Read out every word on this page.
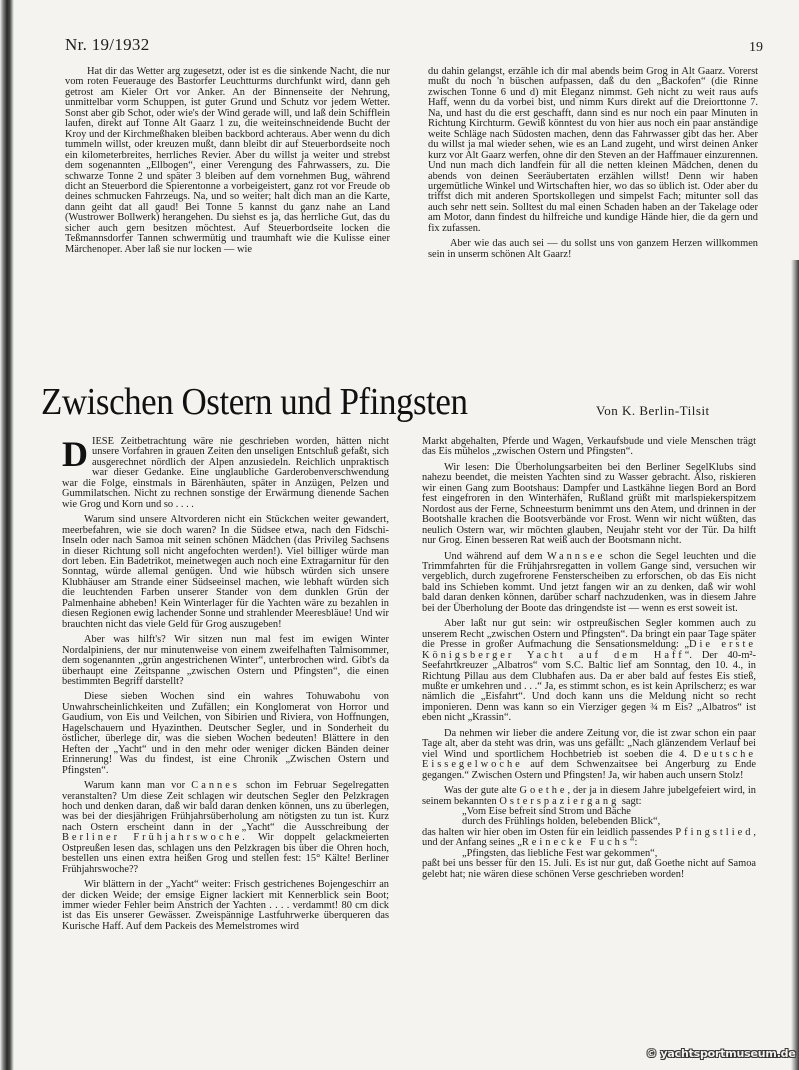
Nr. 19/1932	19

Hat dir das Wetter arg zugesetzt, oder ist es die sinkende Nacht, die nur vom roten Feuerauge des Bastorfer Leuchtturms durchfunkt wird, dann geh getrost am Kieler Ort vor Anker. An der Binnenseite der Nehrung, unmittelbar vorm Schuppen, ist guter Grund und Schutz vor jedem Wetter. Sonst aber gib Schot, oder wie's der Wind gerade will, und laß dein Schifflein laufen, direkt auf Tonne Alt Gaarz 1 zu, die weiteinschneidende Bucht der Kroy und der Kirchmeßhaken bleiben backbord achteraus. Aber wenn du dich tummeln willst, oder kreuzen mußt, dann bleibt dir auf Steuerbordseite noch ein kilometerbreites, herrliches Revier. Aber du willst ja weiter und strebst dem sogenannten „Ellbogen“, einer Verengung des Fahrwassers, zu. Die schwarze Tonne 2 und später 3 bleiben auf dem vornehmen Bug, während dicht an Steuerbord die Spierentonne a vorbeigeistert, ganz rot vor Freude ob deines schmucken Fahrzeugs. Na, und so weiter; halt dich man an die Karte, dann geiht dat all gaud! Bei Tonne 5 kannst du ganz nahe an Land (Wustrower Bollwerk) herangehen. Du siehst es ja, das herrliche Gut, das du sicher auch gern besitzen möchtest. Auf Steuerbordseite locken die Teßmannsdorfer Tannen schwermütig und traumhaft wie die Kulisse einer Märchenoper. Aber laß sie nur locken — wie

du dahin gelangst, erzähle ich dir mal abends beim Grog in Alt Gaarz. Vorerst mußt du noch 'n büschen aufpassen, daß du den „Backofen“ (die Rinne zwischen Tonne 6 und d) mit Eleganz nimmst. Geh nicht zu weit raus aufs Haff, wenn du da vorbei bist, und nimm Kurs direkt auf die Dreiorttonne 7. Na, und hast du die erst geschafft, dann sind es nur noch ein paar Minuten in Richtung Kirchturm. Gewiß könntest du von hier aus noch ein paar anständige weite Schläge nach Südosten machen, denn das Fahrwasser gibt das her. Aber du willst ja mal wieder sehen, wie es an Land zugeht, und wirst deinen Anker kurz vor Alt Gaarz werfen, ohne dir den Steven an der Haffmauer einzurennen. Und nun mach dich landfein für all die netten kleinen Mädchen, denen du abends von deinen Seeräubertaten erzählen willst! Denn wir haben urgemütliche Winkel und Wirtschaften hier, wo das so üblich ist. Oder aber du triffst dich mit anderen Sportskollegen und simpelst Fach; mitunter soll das auch sehr nett sein. Solltest du mal einen Schaden haben an der Takelage oder am Motor, dann findest du hilfreiche und kundige Hände hier, die da gern und fix zufassen.

Aber wie das auch sei — du sollst uns von ganzem Herzen willkommen sein in unserm schönen Alt Gaarz!

Zwischen Ostern und Pfingsten	Von K. Berlin-Tilsit

DIESE Zeitbetrachtung wäre nie geschrieben worden, hätten nicht unsere Vorfahren in grauen Zeiten den unseligen Entschluß gefaßt, sich ausgerechnet nördlich der Alpen anzusiedeln. Reichlich unpraktisch war dieser Gedanke. Eine unglaubliche Garderobenverschwendung war die Folge, einstmals in Bärenhäuten, später in Anzügen, Pelzen und Gummilatschen. Nicht zu rechnen sonstige der Erwärmung dienende Sachen wie Grog und Korn und so . . . .

Warum sind unsere Altvorderen nicht ein Stückchen weiter gewandert, meerbefahren, wie sie doch waren? In die Südsee etwa, nach den Fidschi-Inseln oder nach Samoa mit seinen schönen Mädchen (das Privileg Sachsens in dieser Richtung soll nicht angefochten werden!). Viel billiger würde man dort leben. Ein Badetrikot, meinetwegen auch noch eine Extragarnitur für den Sonntag, würde allemal genügen. Und wie hübsch würden sich unsere Klubhäuser am Strande einer Südseeinsel machen, wie lebhaft würden sich die leuchtenden Farben unserer Stander von dem dunklen Grün der Palmenhaine abheben! Kein Winterlager für die Yachten wäre zu bezahlen in diesen Regionen ewig lachender Sonne und strahlender Meeresbläue! Und wir brauchten nicht das viele Geld für Grog auszugeben!

Aber was hilft's? Wir sitzen nun mal fest im ewigen Winter Nordalpiniens, der nur minutenweise von einem zweifelhaften Talmisommer, dem sogenannten „grün angestrichenen Winter“, unterbrochen wird. Gibt's da überhaupt eine Zeitspanne „zwischen Ostern und Pfingsten“, die einen bestimmten Begriff darstellt?

Diese sieben Wochen sind ein wahres Tohuwabohu von Unwahrscheinlichkeiten und Zufällen; ein Konglomerat von Horror und Gaudium, von Eis und Veilchen, von Sibirien und Riviera, von Hoffnungen, Hagelschauern und Hyazinthen. Deutscher Segler, und in Sonderheit du östlicher, überlege dir, was die sieben Wochen bedeuten! Blättere in den Heften der „Yacht“ und in den mehr oder weniger dicken Bänden deiner Erinnerung! Was du findest, ist eine Chronik „Zwischen Ostern und Pfingsten“.

Warum kann man vor Cannes schon im Februar Segelregatten veranstalten? Um diese Zeit schlagen wir deutschen Segler den Pelzkragen hoch und denken daran, daß wir bald daran denken können, uns zu überlegen, was bei der diesjährigen Frühjahrsüberholung am nötigsten zu tun ist. Kurz nach Ostern erscheint dann in der „Yacht“ die Ausschreibung der Berliner Frühjahrswoche. Wir doppelt gelackmeierten Ostpreußen lesen das, schlagen uns den Pelzkragen bis über die Ohren hoch, bestellen uns einen extra heißen Grog und stellen fest: 15° Kälte! Berliner Frühjahrswoche??

Wir blättern in der „Yacht“ weiter: Frisch gestrichenes Bojengeschirr an der dicken Weide; der emsige Eigner lackiert mit Kennerblick sein Boot; immer wieder Fehler beim Anstrich der Yachten . . . . verdammt! 80 cm dick ist das Eis unserer Gewässer. Zweispännige Lastfuhrwerke überqueren das Kurische Haff. Auf dem Packeis des Memelstromes wird

Markt abgehalten, Pferde und Wagen, Verkaufsbude und viele Menschen trägt das Eis mühelos „zwischen Ostern und Pfingsten“.

Wir lesen: Die Überholungsarbeiten bei den Berliner SegelKlubs sind nahezu beendet, die meisten Yachten sind zu Wasser gebracht. Also, riskieren wir einen Gang zum Bootshaus: Dampfer und Lastkähne liegen Bord an Bord fest eingefroren in den Winterhäfen, Rußland grüßt mit marlspiekerspitzem Nordost aus der Ferne, Schneesturm benimmt uns den Atem, und drinnen in der Bootshalle krachen die Bootsverbände vor Frost. Wenn wir nicht wüßten, das neulich Ostern war, wir möchten glauben, Neujahr steht vor der Tür. Da hilft nur Grog. Einen besseren Rat weiß auch der Bootsmann nicht.

Und während auf dem Wannsee schon die Segel leuchten und die Trimmfahrten für die Frühjahrsregatten in vollem Gange sind, versuchen wir vergeblich, durch zugefrorene Fensterscheiben zu erforschen, ob das Eis nicht bald ins Schieben kommt. Und jetzt fangen wir an zu denken, daß wir wohl bald daran denken können, darüber scharf nachzudenken, was in diesem Jahre bei der Überholung der Boote das dringendste ist — wenn es erst soweit ist.

Aber laßt nur gut sein: wir ostpreußischen Segler kommen auch zu unserem Recht „zwischen Ostern und Pfingsten“. Da bringt ein paar Tage später die Presse in großer Aufmachung die Sensationsmeldung: „Die erste Königsberger Yacht auf dem Haff“. Der 40-m²-Seefahrtkreuzer „Albatros“ vom S.C. Baltic lief am Sonntag, den 10. 4., in Richtung Pillau aus dem Clubhafen aus. Da er aber bald auf festes Eis stieß, mußte er umkehren und . . .“ Ja, es stimmt schon, es ist kein Aprilscherz; es war nämlich die „Eisfahrt“. Und doch kann uns die Meldung nicht so recht imponieren. Denn was kann so ein Vierziger gegen ¾ m Eis? „Albatros“ ist eben nicht „Krassin“.

Da nehmen wir lieber die andere Zeitung vor, die ist zwar schon ein paar Tage alt, aber da steht was drin, was uns gefällt: „Nach glänzendem Verlauf bei viel Wind und sportlichem Hochbetrieb ist soeben die 4. Deutsche Eissegelwoche auf dem Schwenzaitsee bei Angerburg zu Ende gegangen.“ Zwischen Ostern und Pfingsten! Ja, wir haben auch unsern Stolz!

Was der gute alte Goethe, der ja in diesem Jahre jubelgefeiert wird, in seinem bekannten Osterspaziergang sagt:
„Vom Eise befreit sind Strom und Bäche
durch des Frühlings holden, belebenden Blick“,
das halten wir hier oben im Osten für ein leidlich passendes Pfingstlied, und der Anfang seines „Reinecke Fuchs“:
„Pfingsten, das liebliche Fest war gekommen“,
paßt bei uns besser für den 15. Juli. Es ist nur gut, daß Goethe nicht auf Samoa gelebt hat; nie wären diese schönen Verse geschrieben worden!

© yachtsportmuseum.de
